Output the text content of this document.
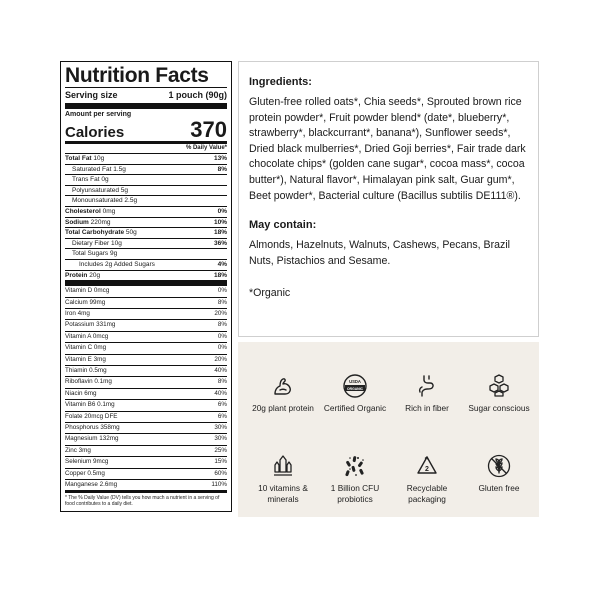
Nutrition Facts
Serving size	1 pouch (90g)
Amount per serving
Calories	370
% Daily Value*
Total Fat 10g	13%
Saturated Fat 1.5g	8%
Trans Fat 0g
Polyunsaturated 5g
Monounsaturated 2.5g
Cholesterol 0mg	0%
Sodium 220mg	10%
Total Carbohydrate 50g	18%
Dietary Fiber 10g	36%
Total Sugars 9g
Includes 2g Added Sugars	4%
Protein 20g	18%
Vitamin D 0mcg	0%
Calcium 99mg	8%
Iron 4mg	20%
Potassium 331mg	8%
Vitamin A 0mcg	0%
Vitamin C 0mg	0%
Vitamin E 3mg	20%
Thiamin 0.5mg	40%
Riboflavin 0.1mg	8%
Niacin 6mg	40%
Vitamin B6 0.1mg	6%
Folate 20mcg DFE	6%
Phosphorus 358mg	30%
Magnesium 132mg	30%
Zinc 3mg	25%
Selenium 9mcg	15%
Copper 0.5mg	60%
Manganese 2.6mg	110%
* The % Daily Value (DV) tells you how much a nutrient in a serving of food contributes to a daily diet.
Ingredients:

Gluten-free rolled oats*, Chia seeds*, Sprouted brown rice protein powder*, Fruit powder blend* (date*, blueberry*, strawberry*, blackcurrant*, banana*), Sunflower seeds*, Dried black mulberries*, Dried Goji berries*, Fair trade dark chocolate chips* (golden cane sugar*, cocoa mass*, cocoa butter*), Natural flavor*, Himalayan pink salt, Guar gum*, Beet powder*, Bacterial culture (Bacillus subtilis DE111®).

May contain:

Almonds, Hazelnuts, Walnuts, Cashews, Pecans, Brazil Nuts, Pistachios and Sesame.

*Organic

20g plant protein
USDA
ORGANIC
Certified Organic	Rich in fiber	Sugar conscious
10 vitamins & minerals
1 Billion CFU probiotics
2
Recyclable packaging
Gluten free
